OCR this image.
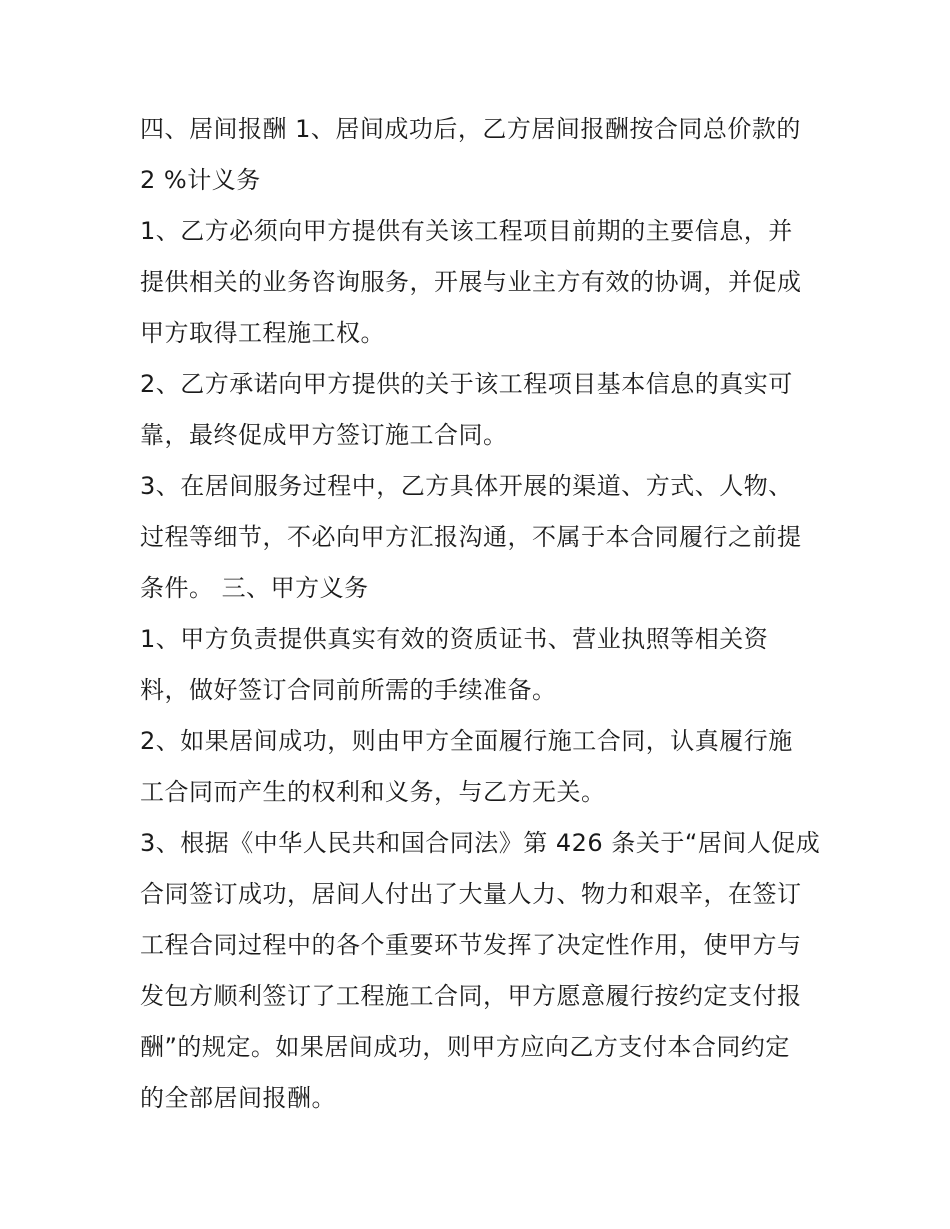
四、居间报酬 1、居间成功后，乙方居间报酬按合同总价款的
2 %计义务
1、乙方必须向甲方提供有关该工程项目前期的主要信息，并
提供相关的业务咨询服务，开展与业主方有效的协调，并促成
甲方取得工程施工权。
2、乙方承诺向甲方提供的关于该工程项目基本信息的真实可
靠，最终促成甲方签订施工合同。
3、在居间服务过程中，乙方具体开展的渠道、方式、人物、
过程等细节，不必向甲方汇报沟通，不属于本合同履行之前提
条件。 三、甲方义务
1、甲方负责提供真实有效的资质证书、营业执照等相关资
料，做好签订合同前所需的手续准备。
2、如果居间成功，则由甲方全面履行施工合同，认真履行施
工合同而产生的权利和义务，与乙方无关。
3、根据《中华人民共和国合同法》第 426 条关于“居间人促成
合同签订成功，居间人付出了大量人力、物力和艰辛，在签订
工程合同过程中的各个重要环节发挥了决定性作用，使甲方与
发包方顺利签订了工程施工合同，甲方愿意履行按约定支付报
酬”的规定。如果居间成功，则甲方应向乙方支付本合同约定
的全部居间报酬。
